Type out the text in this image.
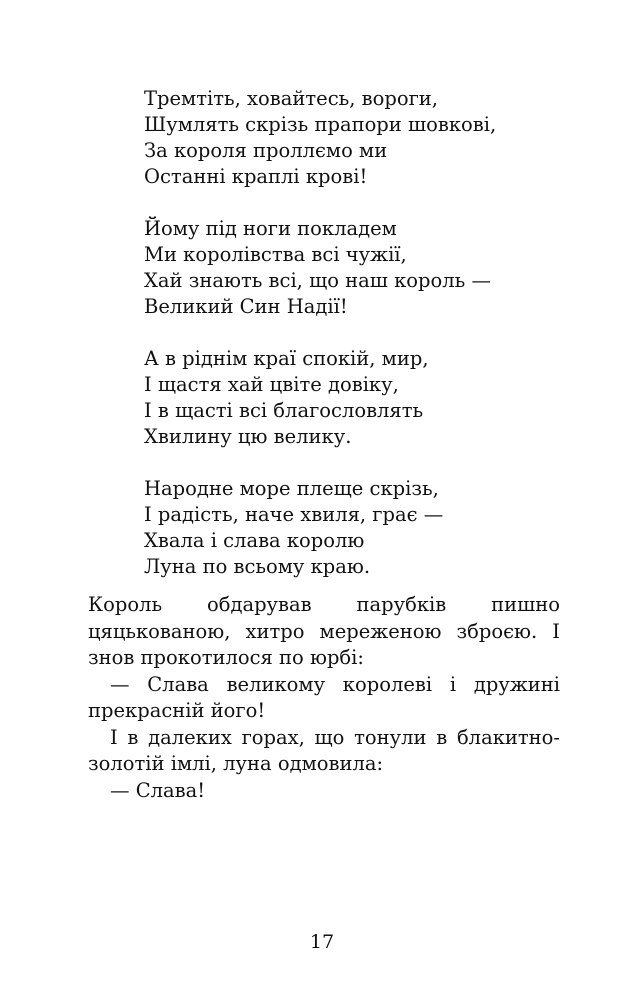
Тремтіть, ховайтесь, вороги,
Шумлять скрізь прапори шовкові,
За короля проллємо ми
Останні краплі крові!
Йому під ноги покладем
Ми королівства всі чужії,
Хай знають всі, що наш король —
Великий Син Надії!
А в ріднім краї спокій, мир,
І щастя хай цвіте довіку,
І в щасті всі благословлять
Хвилину цю велику.
Народне море плеще скрізь,
І радість, наче хвиля, грає —
Хвала і слава королю
Луна по всьому краю.

Король обдарував парубків пишно цяцькованою, хитро мереженою зброєю. І знов прокотилося по юрбі:

— Слава великому королеві і дружині прекрасній його!

І в далеких горах, що тонули в блакитно-золотій імлі, луна одмовила:

— Слава!

17
